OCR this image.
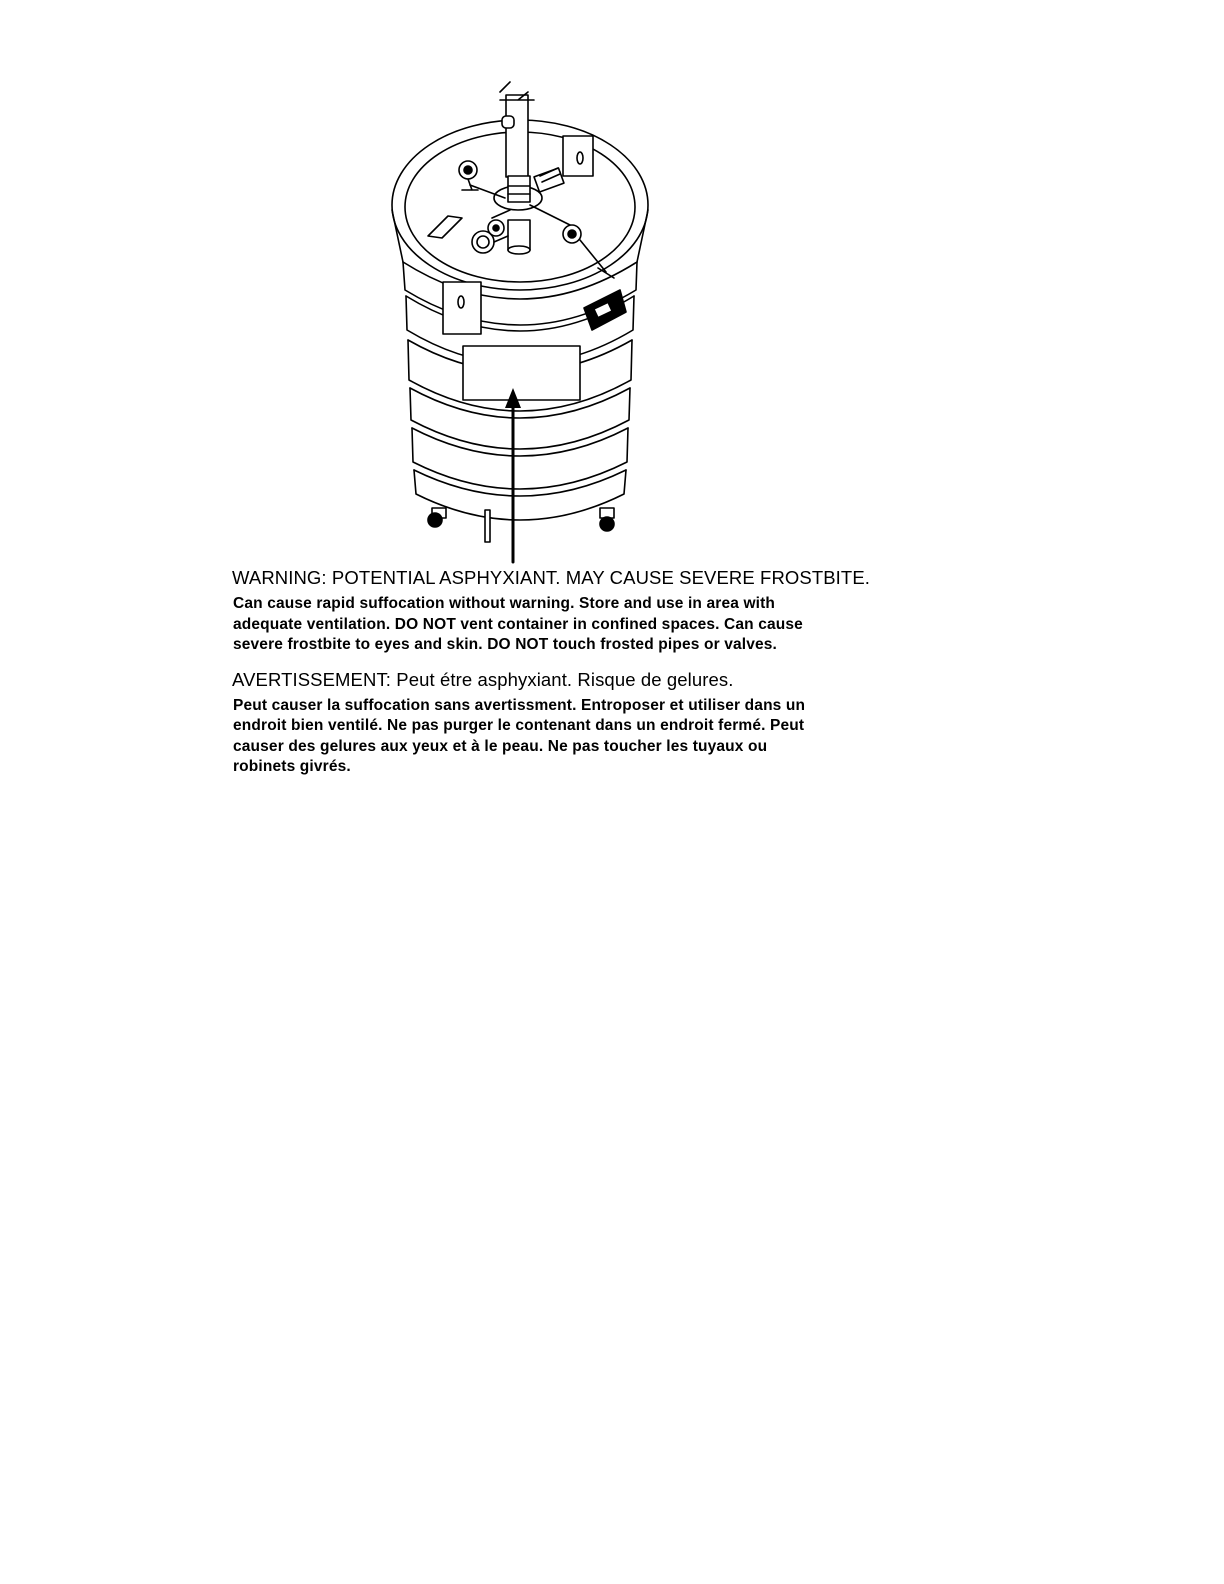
WARNING: POTENTIAL ASPHYXIANT. MAY CAUSE SEVERE FROSTBITE.

Can cause rapid suffocation without warning. Store and use in area with
adequate ventilation. DO NOT vent container in confined spaces. Can cause
severe frostbite to eyes and skin. DO NOT touch frosted pipes or valves.

AVERTISSEMENT: Peut étre asphyxiant. Risque de gelures.

Peut causer la suffocation sans avertissment. Entroposer et utiliser dans un
endroit bien ventilé. Ne pas purger le contenant dans un endroit fermé. Peut
causer des gelures aux yeux et à le peau. Ne pas toucher les tuyaux ou
robinets givrés.
